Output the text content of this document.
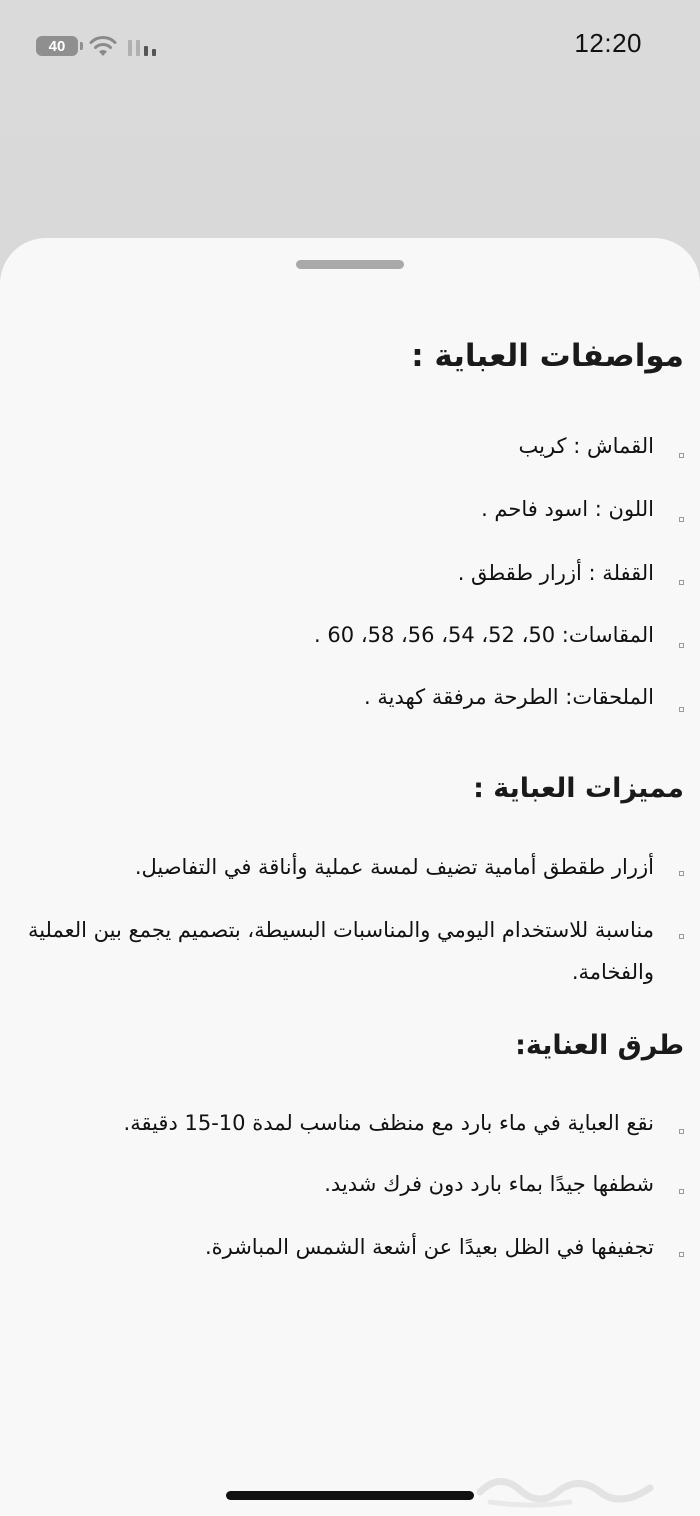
40	12:20
مواصفات العباية :
القماش : كريب
اللون : اسود فاحم .
القفلة : أزرار طقطق .
المقاسات: 50، 52، 54، 56، 58، 60 .
الملحقات: الطرحة مرفقة كهدية .
مميزات العباية :
أزرار طقطق أمامية تضيف لمسة عملية وأناقة في التفاصيل.
مناسبة للاستخدام اليومي والمناسبات البسيطة، بتصميم يجمع بين العملية والفخامة.
طرق العناية:
نقع العباية في ماء بارد مع منظف مناسب لمدة 10-15 دقيقة.
شطفها جيدًا بماء بارد دون فرك شديد.
تجفيفها في الظل بعيدًا عن أشعة الشمس المباشرة.
